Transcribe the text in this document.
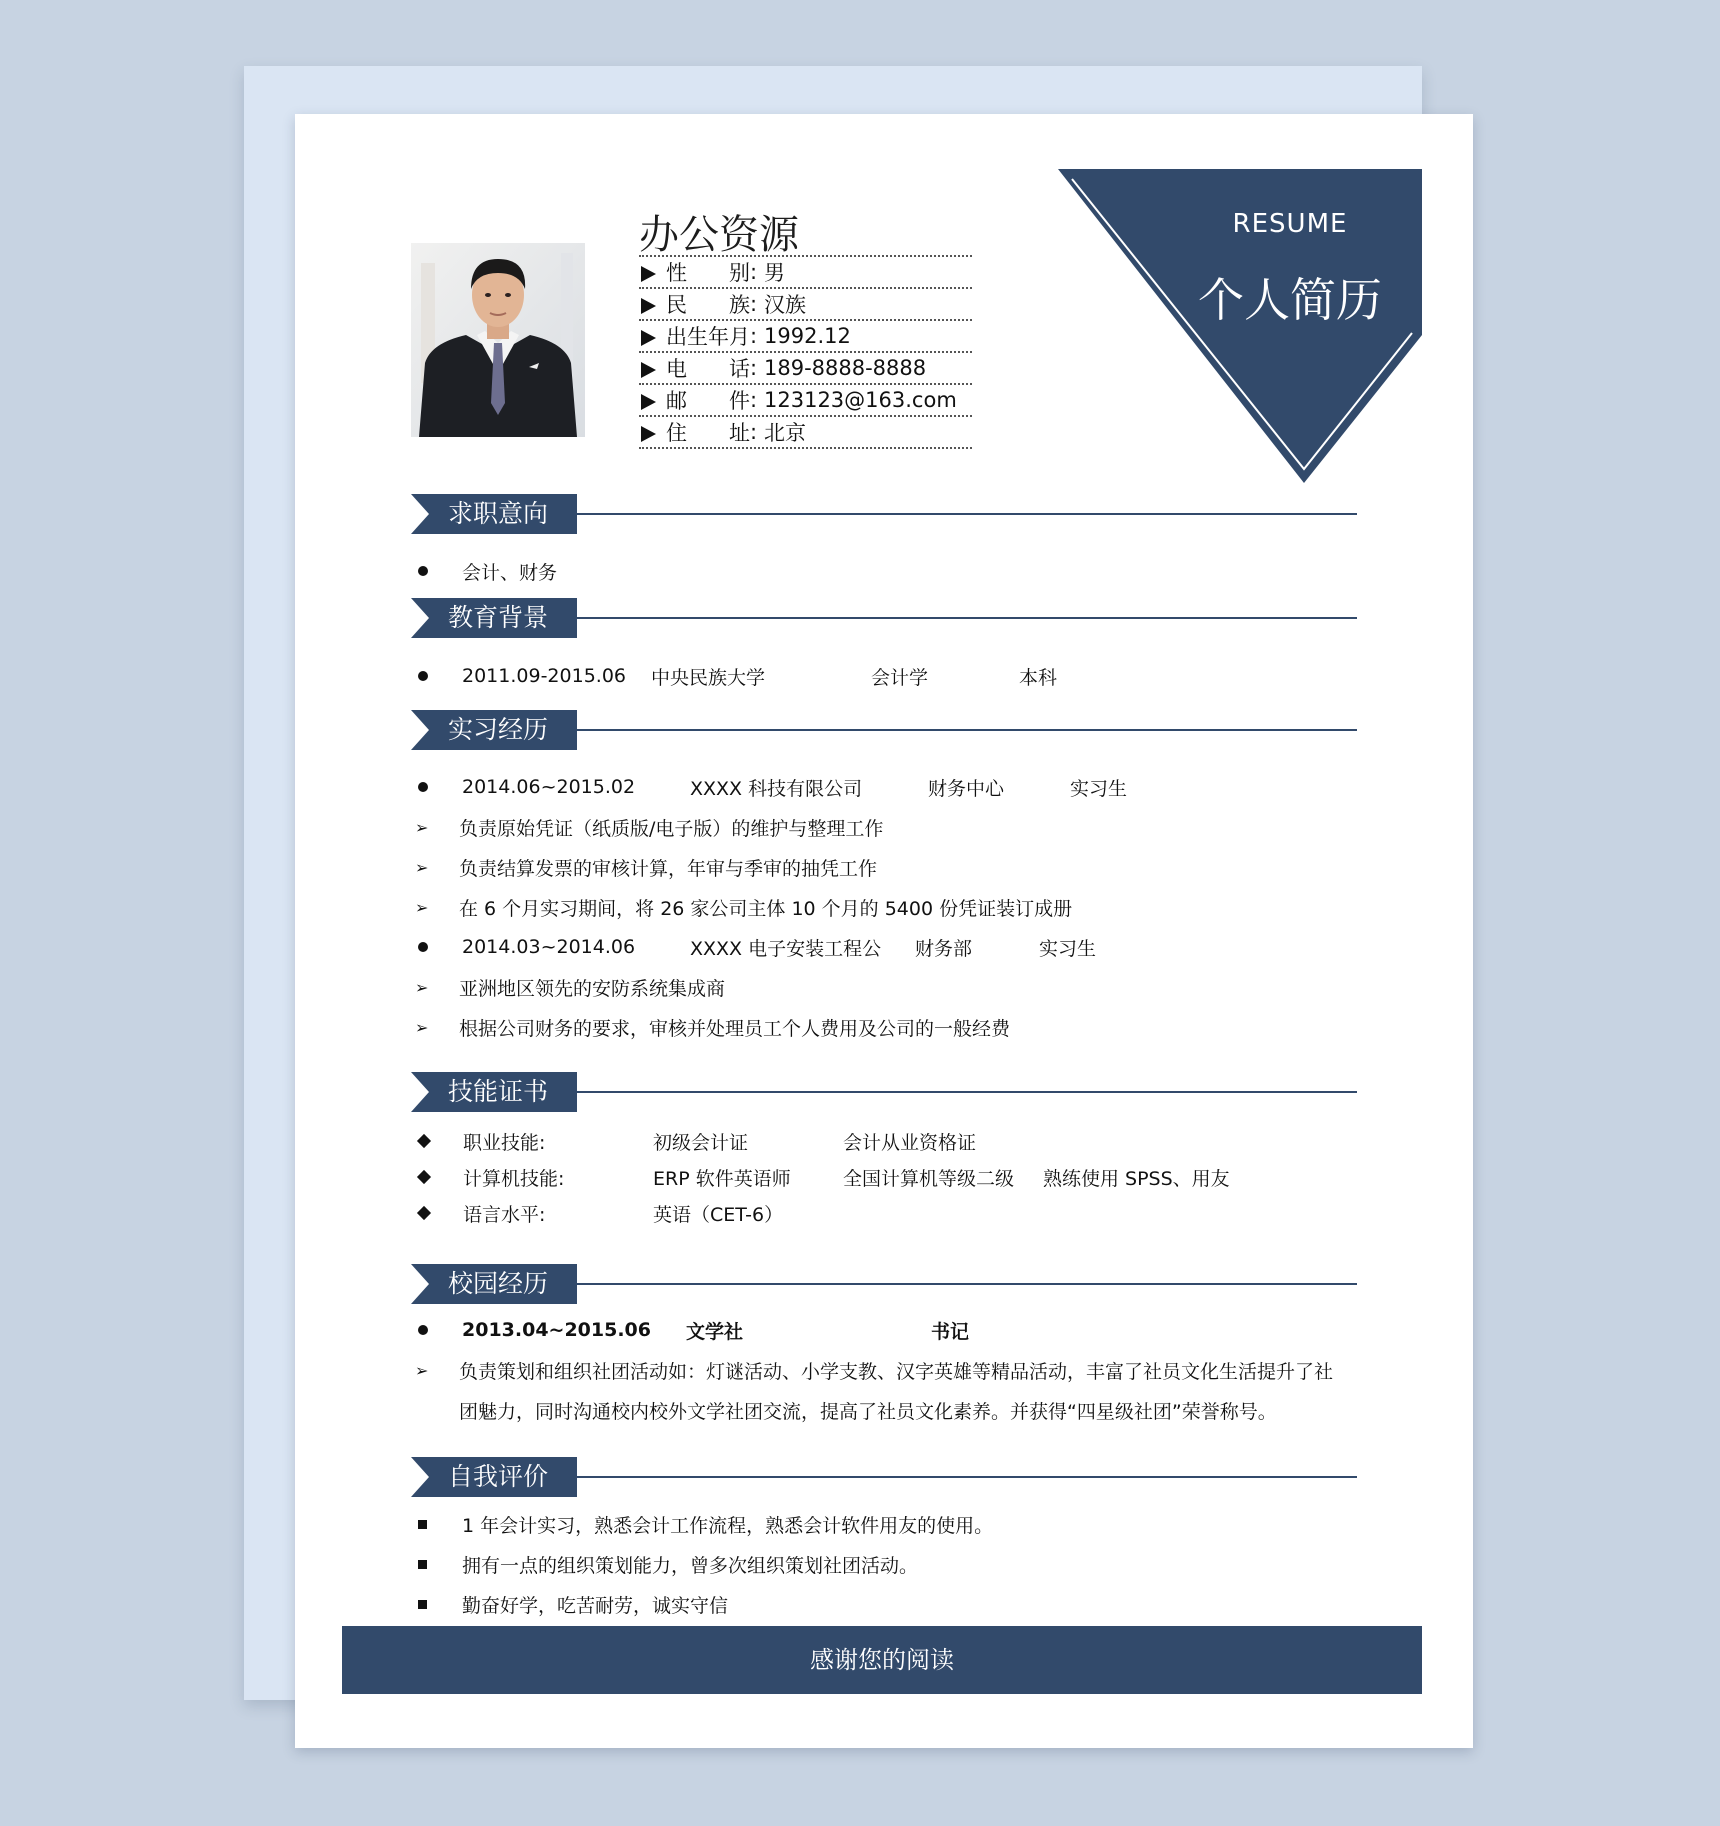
RESUME
个人简历
办公资源
性 别 : 男
民 族 : 汉族
出生年月 : 1992.12
电 话 : 189-8888-8888
邮 件 : 123123@163.com
住 址 : 北京
求职意向
会计、财务
教育背景
2011.09-2015.06	中央民族大学	会计学	本科
实习经历
2014.06~2015.02	XXXX 科技有限公司	财务中心	实习生
➢	负责原始凭证（纸质版/电子版）的维护与整理工作
➢	负责结算发票的审核计算，年审与季审的抽凭工作
➢	在 6 个月实习期间，将 26 家公司主体 10 个月的 5400 份凭证装订成册
2014.03~2014.06	XXXX 电子安装工程公	财务部	实习生
➢	亚洲地区领先的安防系统集成商
➢	根据公司财务的要求，审核并处理员工个人费用及公司的一般经费
技能证书
职业技能:	初级会计证	会计从业资格证
计算机技能:	ERP 软件英语师	全国计算机等级二级	熟练使用 SPSS、用友
语言水平:	英语（CET-6）
校园经历
2013.04~2015.06	文学社	书记
➢	负责策划和组织社团活动如：灯谜活动、小学支教、汉字英雄等精品活动，丰富了社员文化生活提升了社
团魅力，同时沟通校内校外文学社团交流，提高了社员文化素养。并获得“四星级社团”荣誉称号。
自我评价
1 年会计实习，熟悉会计工作流程，熟悉会计软件用友的使用。
拥有一点的组织策划能力，曾多次组织策划社团活动。
勤奋好学，吃苦耐劳，诚实守信
感谢您的阅读
